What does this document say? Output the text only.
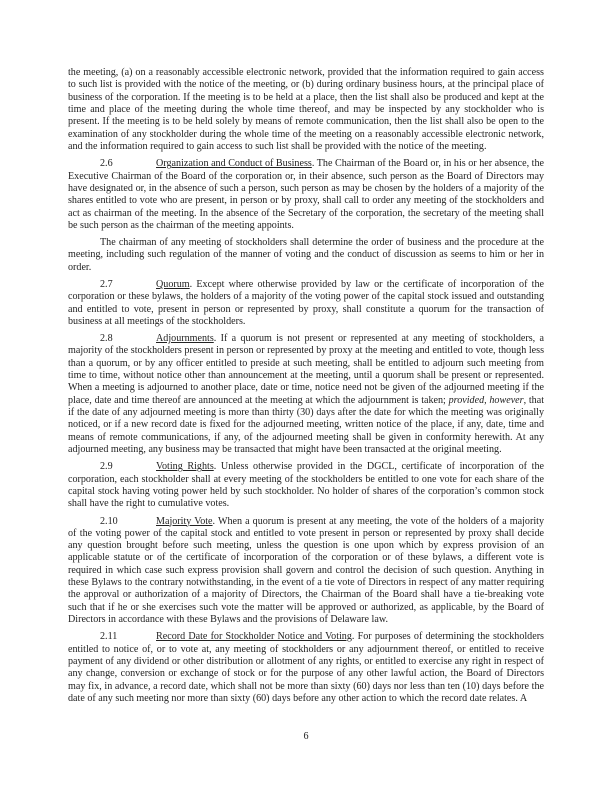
the meeting, (a) on a reasonably accessible electronic network, provided that the information required to gain access to such list is provided with the notice of the meeting, or (b) during ordinary business hours, at the principal place of business of the corporation. If the meeting is to be held at a place, then the list shall also be produced and kept at the time and place of the meeting during the whole time thereof, and may be inspected by any stockholder who is present. If the meeting is to be held solely by means of remote communication, then the list shall also be open to the examination of any stockholder during the whole time of the meeting on a reasonably accessible electronic network, and the information required to gain access to such list shall be provided with the notice of the meeting.

2.6	Organization and Conduct of Business. The Chairman of the Board or, in his or her absence, the Executive Chairman of the Board of the corporation or, in their absence, such person as the Board of Directors may have designated or, in the absence of such a person, such person as may be chosen by the holders of a majority of the shares entitled to vote who are present, in person or by proxy, shall call to order any meeting of the stockholders and act as chairman of the meeting. In the absence of the Secretary of the corporation, the secretary of the meeting shall be such person as the chairman of the meeting appoints.

The chairman of any meeting of stockholders shall determine the order of business and the procedure at the meeting, including such regulation of the manner of voting and the conduct of discussion as seems to him or her in order.

2.7	Quorum. Except where otherwise provided by law or the certificate of incorporation of the corporation or these bylaws, the holders of a majority of the voting power of the capital stock issued and outstanding and entitled to vote, present in person or represented by proxy, shall constitute a quorum for the transaction of business at all meetings of the stockholders.

2.8	Adjournments. If a quorum is not present or represented at any meeting of stockholders, a majority of the stockholders present in person or represented by proxy at the meeting and entitled to vote, though less than a quorum, or by any officer entitled to preside at such meeting, shall be entitled to adjourn such meeting from time to time, without notice other than announcement at the meeting, until a quorum shall be present or represented. When a meeting is adjourned to another place, date or time, notice need not be given of the adjourned meeting if the place, date and time thereof are announced at the meeting at which the adjournment is taken; provided, however, that if the date of any adjourned meeting is more than thirty (30) days after the date for which the meeting was originally noticed, or if a new record date is fixed for the adjourned meeting, written notice of the place, if any, date, time and means of remote communications, if any, of the adjourned meeting shall be given in conformity herewith. At any adjourned meeting, any business may be transacted that might have been transacted at the original meeting.

2.9	Voting Rights. Unless otherwise provided in the DGCL, certificate of incorporation of the corporation, each stockholder shall at every meeting of the stockholders be entitled to one vote for each share of the capital stock having voting power held by such stockholder. No holder of shares of the corporation’s common stock shall have the right to cumulative votes.

2.10	Majority Vote. When a quorum is present at any meeting, the vote of the holders of a majority of the voting power of the capital stock and entitled to vote present in person or represented by proxy shall decide any question brought before such meeting, unless the question is one upon which by express provision of an applicable statute or of the certificate of incorporation of the corporation or of these bylaws, a different vote is required in which case such express provision shall govern and control the decision of such question. Anything in these Bylaws to the contrary notwithstanding, in the event of a tie vote of Directors in respect of any matter requiring the approval or authorization of a majority of Directors, the Chairman of the Board shall have a tie-breaking vote such that if he or she exercises such vote the matter will be approved or authorized, as applicable, by the Board of Directors in accordance with these Bylaws and the provisions of Delaware law.

2.11	Record Date for Stockholder Notice and Voting. For purposes of determining the stockholders entitled to notice of, or to vote at, any meeting of stockholders or any adjournment thereof, or entitled to receive payment of any dividend or other distribution or allotment of any rights, or entitled to exercise any right in respect of any change, conversion or exchange of stock or for the purpose of any other lawful action, the Board of Directors may fix, in advance, a record date, which shall not be more than sixty (60) days nor less than ten (10) days before the date of any such meeting nor more than sixty (60) days before any other action to which the record date relates. A

6
